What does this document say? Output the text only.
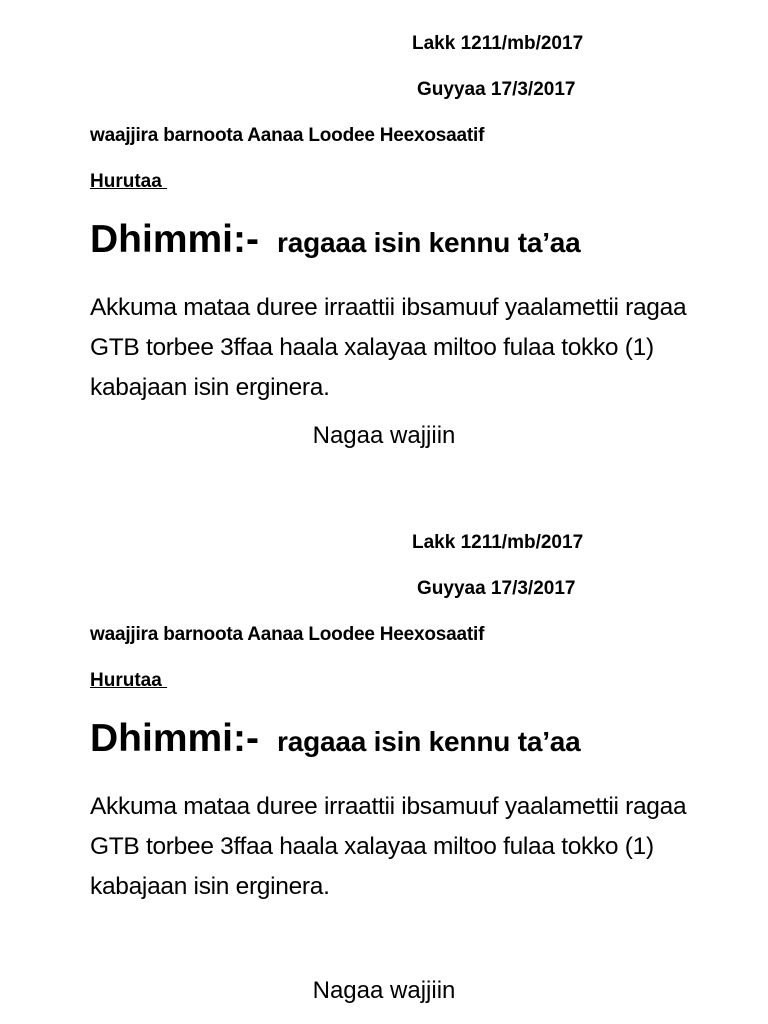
Lakk 1211/mb/2017
Guyyaa 17/3/2017
waajjira barnoota Aanaa Loodee Heexosaatif
Hurutaa
Dhimmi:- ragaaa isin kennu ta’aa
Akkuma mataa duree irraattii ibsamuuf yaalamettii ragaa GTB torbee 3ffaa haala xalayaa miltoo fulaa tokko (1) kabajaan isin erginera.
Nagaa wajjiin
Lakk 1211/mb/2017
Guyyaa 17/3/2017
waajjira barnoota Aanaa Loodee Heexosaatif
Hurutaa
Dhimmi:- ragaaa isin kennu ta’aa
Akkuma mataa duree irraattii ibsamuuf yaalamettii ragaa GTB torbee 3ffaa haala xalayaa miltoo fulaa tokko (1) kabajaan isin erginera.
Nagaa wajjiin
